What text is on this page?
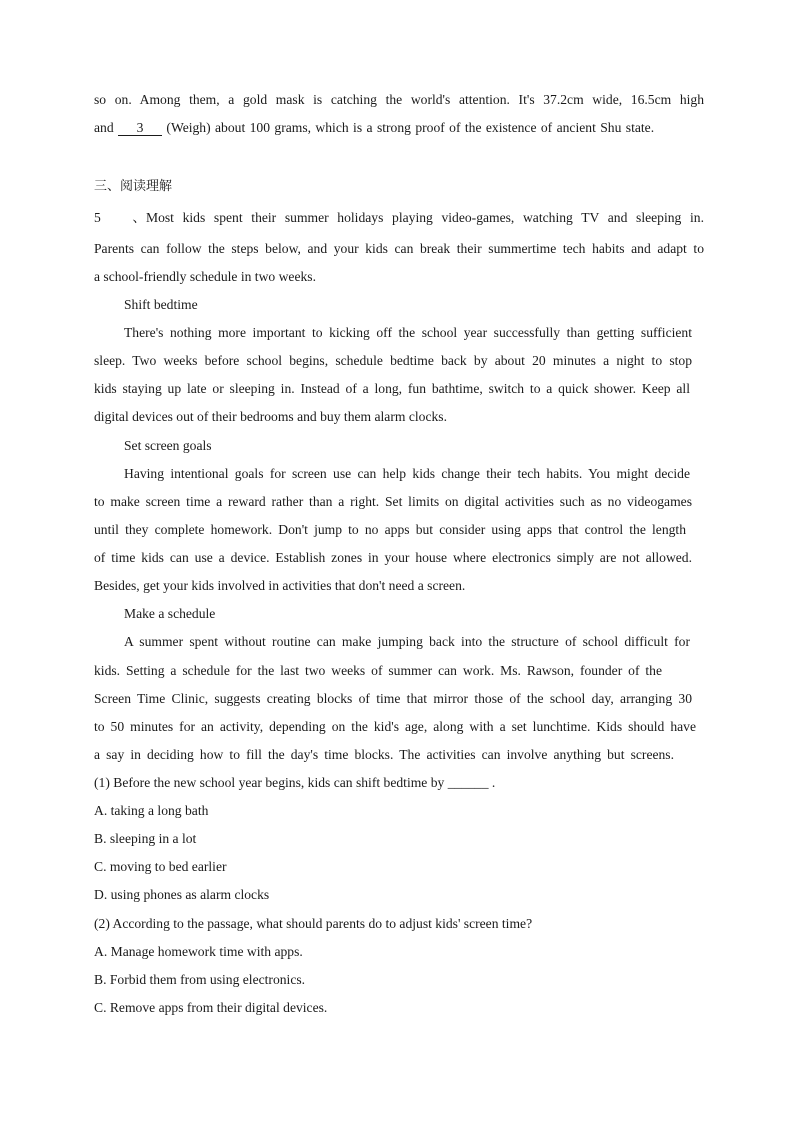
so on. Among them, a gold mask is catching the world's attention. It's 37.2cm wide, 16.5cm high
and 3 (Weigh) about 100 grams, which is a strong proof of the existence of ancient Shu state.
三、阅读理解
5、Most kids spent their summer holidays playing video-games, watching TV and sleeping in.
Parents can follow the steps below, and your kids can break their summertime tech habits and adapt to
a school-friendly schedule in two weeks.
Shift bedtime
There's nothing more important to kicking off the school year successfully than getting sufficient
sleep. Two weeks before school begins, schedule bedtime back by about 20 minutes a night to stop
kids staying up late or sleeping in. Instead of a long, fun bathtime, switch to a quick shower. Keep all
digital devices out of their bedrooms and buy them alarm clocks.
Set screen goals
Having intentional goals for screen use can help kids change their tech habits. You might decide
to make screen time a reward rather than a right. Set limits on digital activities such as no videogames
until they complete homework. Don't jump to no apps but consider using apps that control the length
of time kids can use a device. Establish zones in your house where electronics simply are not allowed.
Besides, get your kids involved in activities that don't need a screen.
Make a schedule
A summer spent without routine can make jumping back into the structure of school difficult for
kids. Setting a schedule for the last two weeks of summer can work. Ms. Rawson, founder of the
Screen Time Clinic, suggests creating blocks of time that mirror those of the school day, arranging 30
to 50 minutes for an activity, depending on the kid's age, along with a set lunchtime. Kids should have
a say in deciding how to fill the day's time blocks. The activities can involve anything but screens.
(1) Before the new school year begins, kids can shift bedtime by ______ .
A. taking a long bath
B. sleeping in a lot
C. moving to bed earlier
D. using phones as alarm clocks
(2) According to the passage, what should parents do to adjust kids' screen time?
A. Manage homework time with apps.
B. Forbid them from using electronics.
C. Remove apps from their digital devices.
